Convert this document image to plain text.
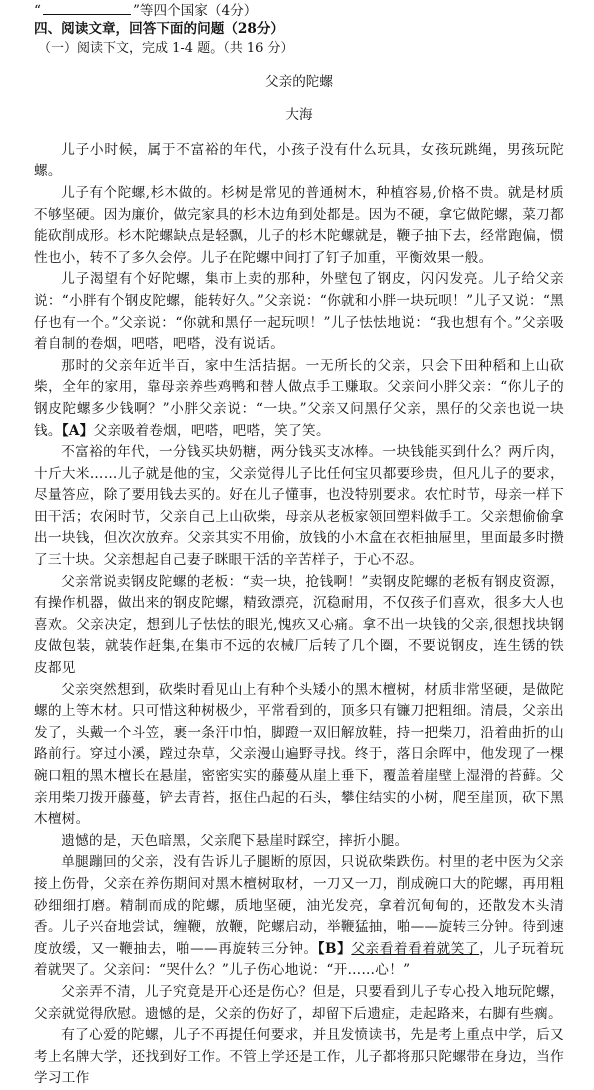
“	”等四个国家（4分）

四、阅读文章，回答下面的问题（28分）

（一）阅读下文，完成 1-4 题。（共 16 分）

父亲的陀螺

大海

儿子小时候，属于不富裕的年代，小孩子没有什么玩具，女孩玩跳绳，男孩玩陀螺。

儿子有个陀螺,杉木做的。杉树是常见的普通树木，种植容易,价格不贵。就是材质不够坚硬。因为廉价，做完家具的杉木边角到处都是。因为不硬，拿它做陀螺，菜刀都能砍削成形。杉木陀螺缺点是轻飘，儿子的杉木陀螺就是，鞭子抽下去，经常跑偏，惯性也小，转不了多久会停。儿子在陀螺中间打了钉子加重，平衡效果一般。

儿子渴望有个好陀螺，集市上卖的那种，外壁包了钢皮，闪闪发亮。儿子给父亲说：“小胖有个钢皮陀螺，能转好久。”父亲说：“你就和小胖一块玩呗！”儿子又说：“黑仔也有一个。”父亲说：“你就和黑仔一起玩呗！”儿子怯怯地说：“我也想有个。”父亲吸着自制的卷烟，吧嗒，吧嗒，没有说话。

那时的父亲年近半百，家中生活拮据。一无所长的父亲，只会下田种稻和上山砍柴，全年的家用，靠母亲养些鸡鸭和替人做点手工赚取。父亲问小胖父亲：“你儿子的钢皮陀螺多少钱啊？”小胖父亲说：“一块。”父亲又问黑仔父亲，黑仔的父亲也说一块钱。【A】父亲吸着卷烟，吧嗒，吧嗒，笑了笑。

不富裕的年代，一分钱买块奶糖，两分钱买支冰棒。一块钱能买到什么？两斤肉，十斤大米……儿子就是他的宝，父亲觉得儿子比任何宝贝都要珍贵，但凡儿子的要求，尽量答应，除了要用钱去买的。好在儿子懂事，也没特别要求。农忙时节，母亲一样下田干活；农闲时节，父亲自己上山砍柴，母亲从老板家领回塑料做手工。父亲想偷偷拿出一块钱，但次次放弃。父亲其实不用偷，放钱的小木盒在衣柜抽屉里，里面最多时攒了三十块。父亲想起自己妻子眯眼干活的辛苦样子，于心不忍。

父亲常说卖钢皮陀螺的老板：“卖一块，抢钱啊！”卖钢皮陀螺的老板有钢皮资源，有操作机器，做出来的钢皮陀螺，精致漂亮，沉稳耐用，不仅孩子们喜欢，很多大人也喜欢。父亲决定，想到儿子怯怯的眼光,愧疚又心痛。拿不出一块钱的父亲,很想找块钢皮做包装，就装作赶集,在集市不远的农械厂后转了几个圈，不要说钢皮，连生锈的铁皮都见

父亲突然想到，砍柴时看见山上有种个头矮小的黑木檀树，材质非常坚硬，是做陀螺的上等木材。只可惜这种树极少，平常看到的，顶多只有镰刀把粗细。清晨，父亲出发了，头戴一个斗笠，裹一条汗巾怕，脚蹬一双旧解放鞋，持一把柴刀，沿着曲折的山路前行。穿过小溪，蹚过杂草，父亲漫山遍野寻找。终于，落日余晖中，他发现了一棵碗口粗的黑木檀长在悬崖，密密实实的藤蔓从崖上垂下，覆盖着崖壁上湿滑的苔藓。父亲用柴刀拨开藤蔓，铲去青苔，抠住凸起的石头，攀住结实的小树，爬至崖顶，砍下黑木檀树。

遗憾的是，天色暗黑，父亲爬下悬崖时踩空，摔折小腿。

单腿蹦回的父亲，没有告诉儿子腿断的原因，只说砍柴跌伤。村里的老中医为父亲接上伤骨，父亲在养伤期间对黑木檀树取材，一刀又一刀，削成碗口大的陀螺，再用粗砂细细打磨。精制而成的陀螺，质地坚硬，油光发亮，拿着沉甸甸的，还散发木头清香。儿子兴奋地尝试，缠鞭，放鞭，陀螺启动，举鞭猛抽，啪——旋转三分钟。待到速度放缓，又一鞭抽去，啪——再旋转三分钟。【B】父亲看着看着就笑了，儿子玩着玩着就哭了。父亲问：“哭什么？”儿子伤心地说：“开……心！”

父亲弄不清，儿子究竟是开心还是伤心？但是，只要看到儿子专心投入地玩陀螺，父亲就觉得欣慰。遗憾的是，父亲的伤好了，却留下后遗症，走起路来，右脚有些瘸。

有了心爱的陀螺，儿子不再提任何要求，并且发愤读书，先是考上重点中学，后又考上名牌大学，还找到好工作。不管上学还是工作，儿子都将那只陀螺带在身边，当作学习工作
